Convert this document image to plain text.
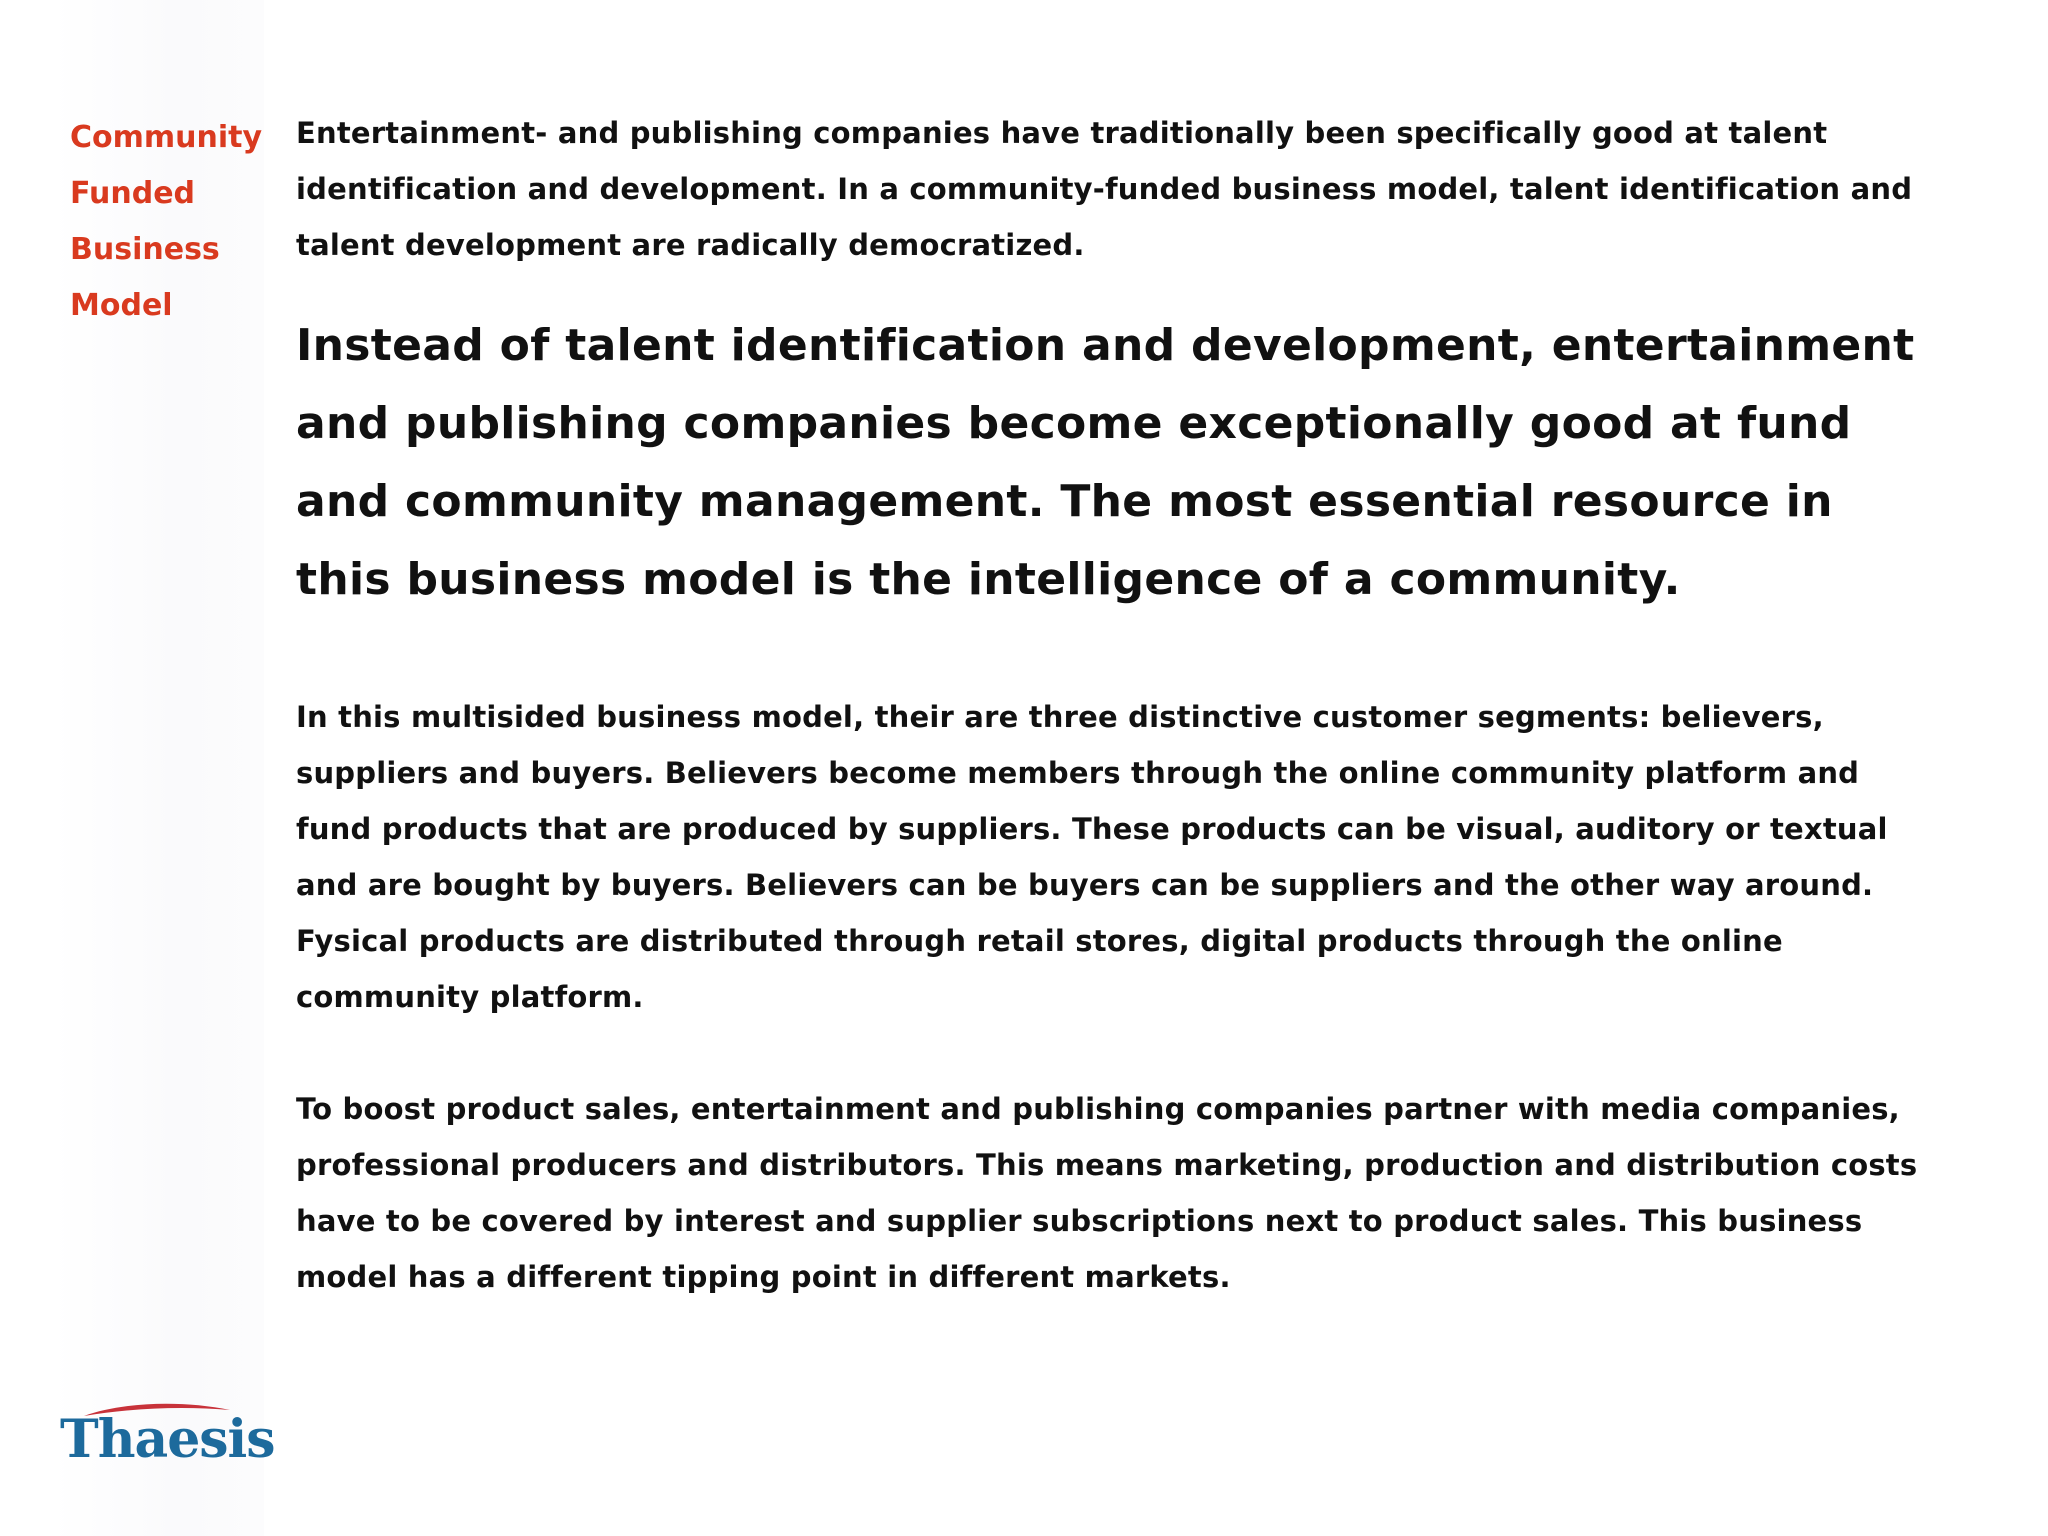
Community Funded Business Model

Entertainment- and publishing companies have traditionally been specifically good at talent identification and development. In a community-funded business model, talent identification and talent development are radically democratized.

Instead of talent identification and development, entertainment and publishing companies become exceptionally good at fund and community management. The most essential resource in this business model is the intelligence of a community.

In this multisided business model, their are three distinctive customer segments: believers, suppliers and buyers. Believers become members through the online community platform and fund products that are produced by suppliers. These products can be visual, auditory or textual and are bought by buyers. Believers can be buyers can be suppliers and the other way around. Fysical products are distributed through retail stores, digital products through the online community platform.

To boost product sales, entertainment and publishing companies partner with media companies, professional producers and distributors. This means marketing, production and distribution costs have to be covered by interest and supplier subscriptions next to product sales. This business model has a different tipping point in different markets.

Thaesis
